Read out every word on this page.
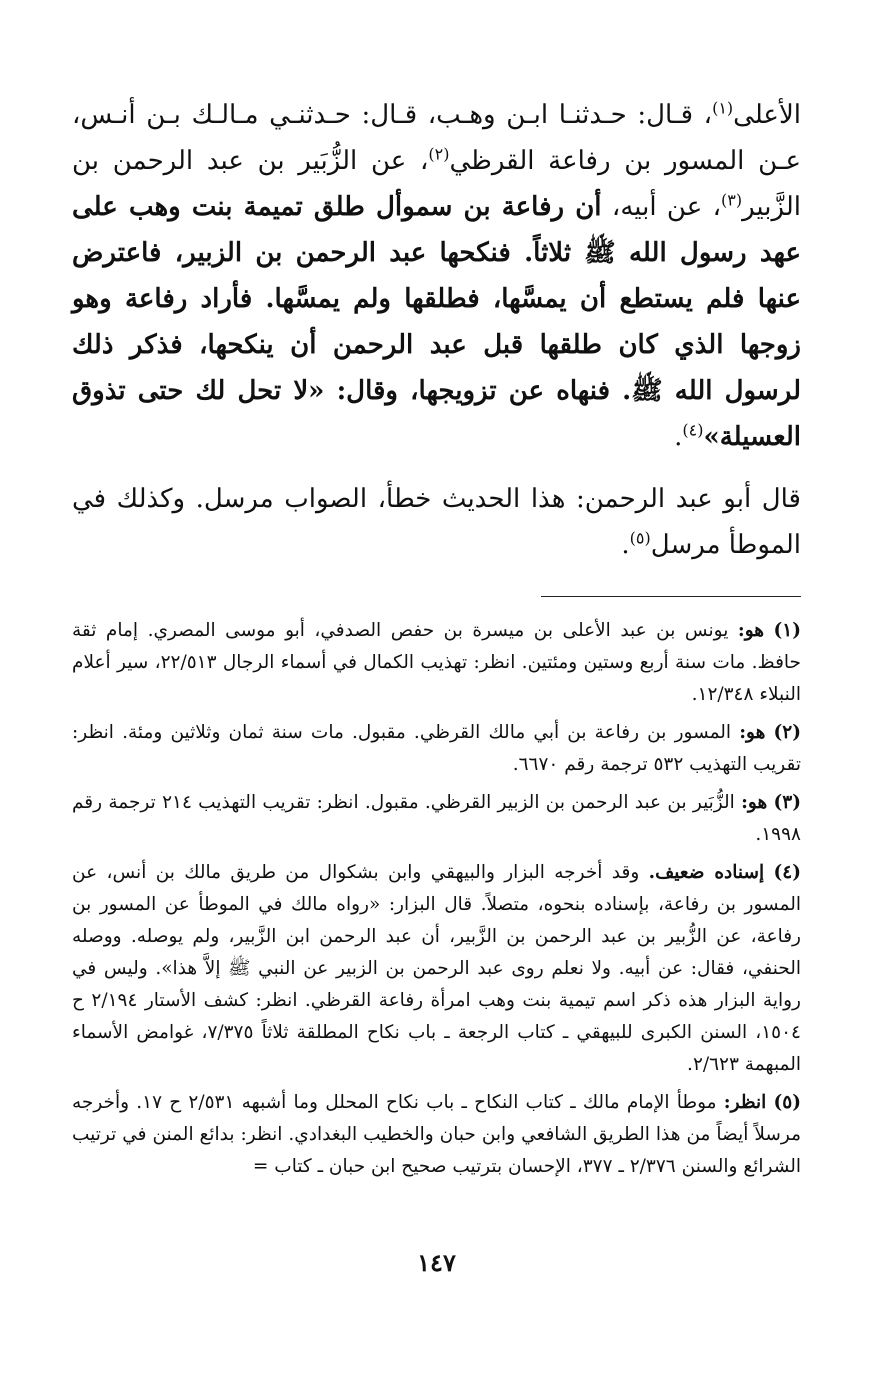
الأعلى$^{(١)}$، قـال: حـدثنـا ابـن وهـب، قـال: حـدثنـي مـالـك بـن أنـس، عـن المسور بن رفاعة القرظي$^{(٢)}$، عن الزُّبَير بن عبد الرحمن بن الزَّبير$^{(٣)}$، عن أبيه، أن رفاعة بن سموأل طلق تميمة بنت وهب على عهد رسول الله ﷺ ثلاثاً. فنكحها عبد الرحمن بن الزبير، فاعترض عنها فلم يستطع أن يمسَّها، فطلقها ولم يمسَّها. فأراد رفاعة وهو زوجها الذي كان طلقها قبل عبد الرحمن أن ينكحها، فذكر ذلك لرسول الله ﷺ. فنهاه عن تزويجها، وقال: «لا تحل لك حتى تذوق العسيلة»$^{(٤)}$.

قال أبو عبد الرحمن: هذا الحديث خطأ، الصواب مرسل. وكذلك في الموطأ مرسل$^{(٥)}$.

(١) هو: يونس بن عبد الأعلى بن ميسرة بن حفص الصدفي، أبو موسى المصري. إمام ثقة حافظ. مات سنة أربع وستين ومئتين. انظر: تهذيب الكمال في أسماء الرجال ٢٢/٥١٣، سير أعلام النبلاء ١٢/٣٤٨.

(٢) هو: المسور بن رفاعة بن أبي مالك القرظي. مقبول. مات سنة ثمان وثلاثين ومئة. انظر: تقريب التهذيب ٥٣٢ ترجمة رقم ٦٦٧٠.

(٣) هو: الزُّبَير بن عبد الرحمن بن الزبير القرظي. مقبول. انظر: تقريب التهذيب ٢١٤ ترجمة رقم ١٩٩٨.

(٤) إسناده ضعيف. وقد أخرجه البزار والبيهقي وابن بشكوال من طريق مالك بن أنس، عن المسور بن رفاعة، بإسناده بنحوه، متصلاً. قال البزار: «رواه مالك في الموطأ عن المسور بن رفاعة، عن الزُّبير بن عبد الرحمن بن الزَّبير، أن عبد الرحمن ابن الزَّبير، ولم يوصله. ووصله الحنفي، فقال: عن أبيه. ولا نعلم روى عبد الرحمن بن الزبير عن النبي ﷺ إلاَّ هذا». وليس في رواية البزار هذه ذكر اسم تيمية بنت وهب امرأة رفاعة القرظي. انظر: كشف الأستار ٢/١٩٤ ح ١٥٠٤، السنن الكبرى للبيهقي ـ كتاب الرجعة ـ باب نكاح المطلقة ثلاثاً ٧/٣٧٥، غوامض الأسماء المبهمة ٢/٦٢٣.

(٥) انظر: موطأ الإمام مالك ـ كتاب النكاح ـ باب نكاح المحلل وما أشبهه ٢/٥٣١ ح ١٧. وأخرجه مرسلاً أيضاً من هذا الطريق الشافعي وابن حبان والخطيب البغدادي. انظر: بدائع المنن في ترتيب الشرائع والسنن ٢/٣٧٦ ـ ٣٧٧، الإحسان بترتيب صحيح ابن حبان ـ كتاب =

١٤٧
